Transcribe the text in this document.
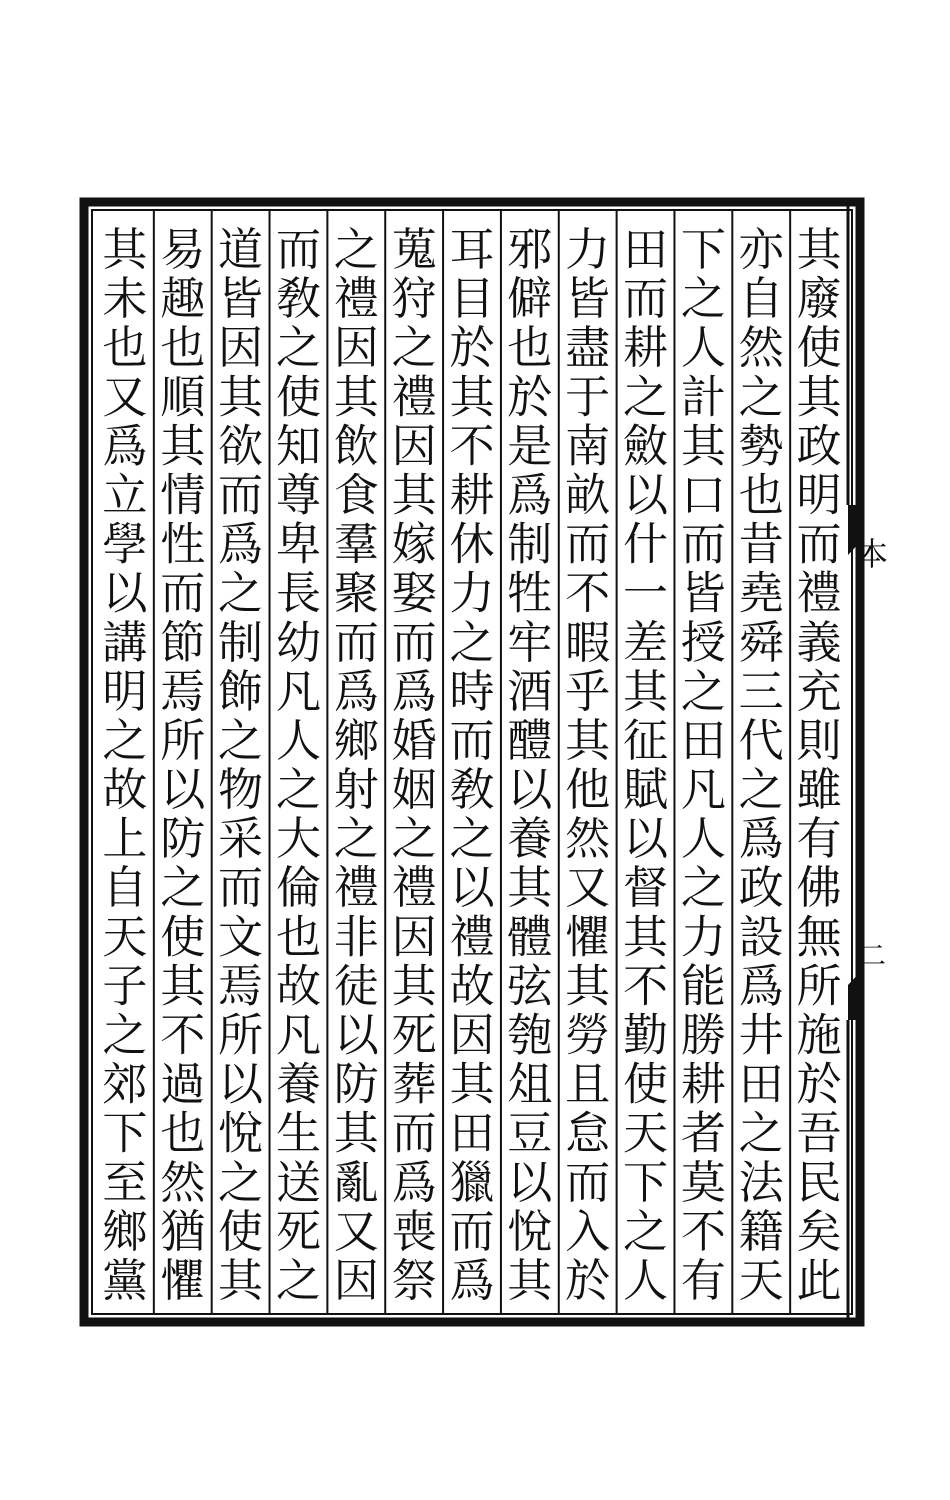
本
二
其
廢
使
其
政
明
而
禮
義
充
則
雖
有
佛
無
所
施
於
吾
民
矣
此
亦
自
然
之
勢
也
昔
堯
舜
三
代
之
爲
政
設
爲
井
田
之
法
籍
天
下
之
人
計
其
口
而
皆
授
之
田
凡
人
之
力
能
勝
耕
者
莫
不
有
田
而
耕
之
斂
以
什
一
差
其
征
賦
以
督
其
不
勤
使
天
下
之
人
力
皆
盡
于
南
畝
而
不
暇
乎
其
他
然
又
懼
其
勞
且
怠
而
入
於
邪
僻
也
於
是
爲
制
牲
牢
酒
醴
以
養
其
體
弦
匏
俎
豆
以
悅
其
耳
目
於
其
不
耕
休
力
之
時
而
敎
之
以
禮
故
因
其
田
獵
而
爲
蒐
狩
之
禮
因
其
嫁
娶
而
爲
婚
姻
之
禮
因
其
死
葬
而
爲
喪
祭
之
禮
因
其
飲
食
羣
聚
而
爲
鄉
射
之
禮
非
徒
以
防
其
亂
又
因
而
敎
之
使
知
尊
卑
長
幼
凡
人
之
大
倫
也
故
凡
養
生
送
死
之
道
皆
因
其
欲
而
爲
之
制
飾
之
物
采
而
文
焉
所
以
悅
之
使
其
易
趣
也
順
其
情
性
而
節
焉
所
以
防
之
使
其
不
過
也
然
猶
懼
其
未
也
又
爲
立
學
以
講
明
之
故
上
自
天
子
之
郊
下
至
鄉
黨
